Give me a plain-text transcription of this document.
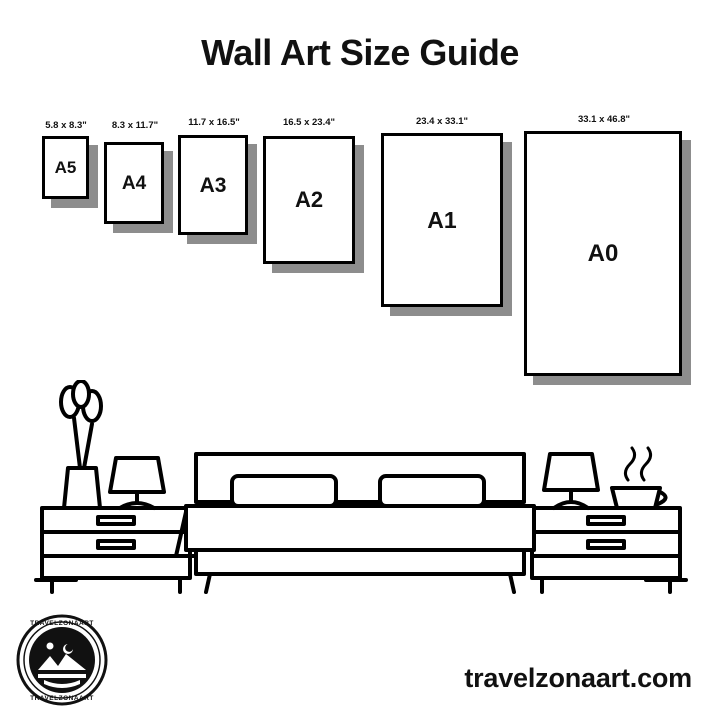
Wall Art Size Guide
A5
5.8 x 8.3"
A4
8.3 x 11.7"
A3
11.7 x 16.5"
A2
16.5 x 23.4"
A1
23.4 x 33.1"
A0
33.1 x 46.8"
TRAVELZONAART
TRAVELZONAART
travelzonaart.com
